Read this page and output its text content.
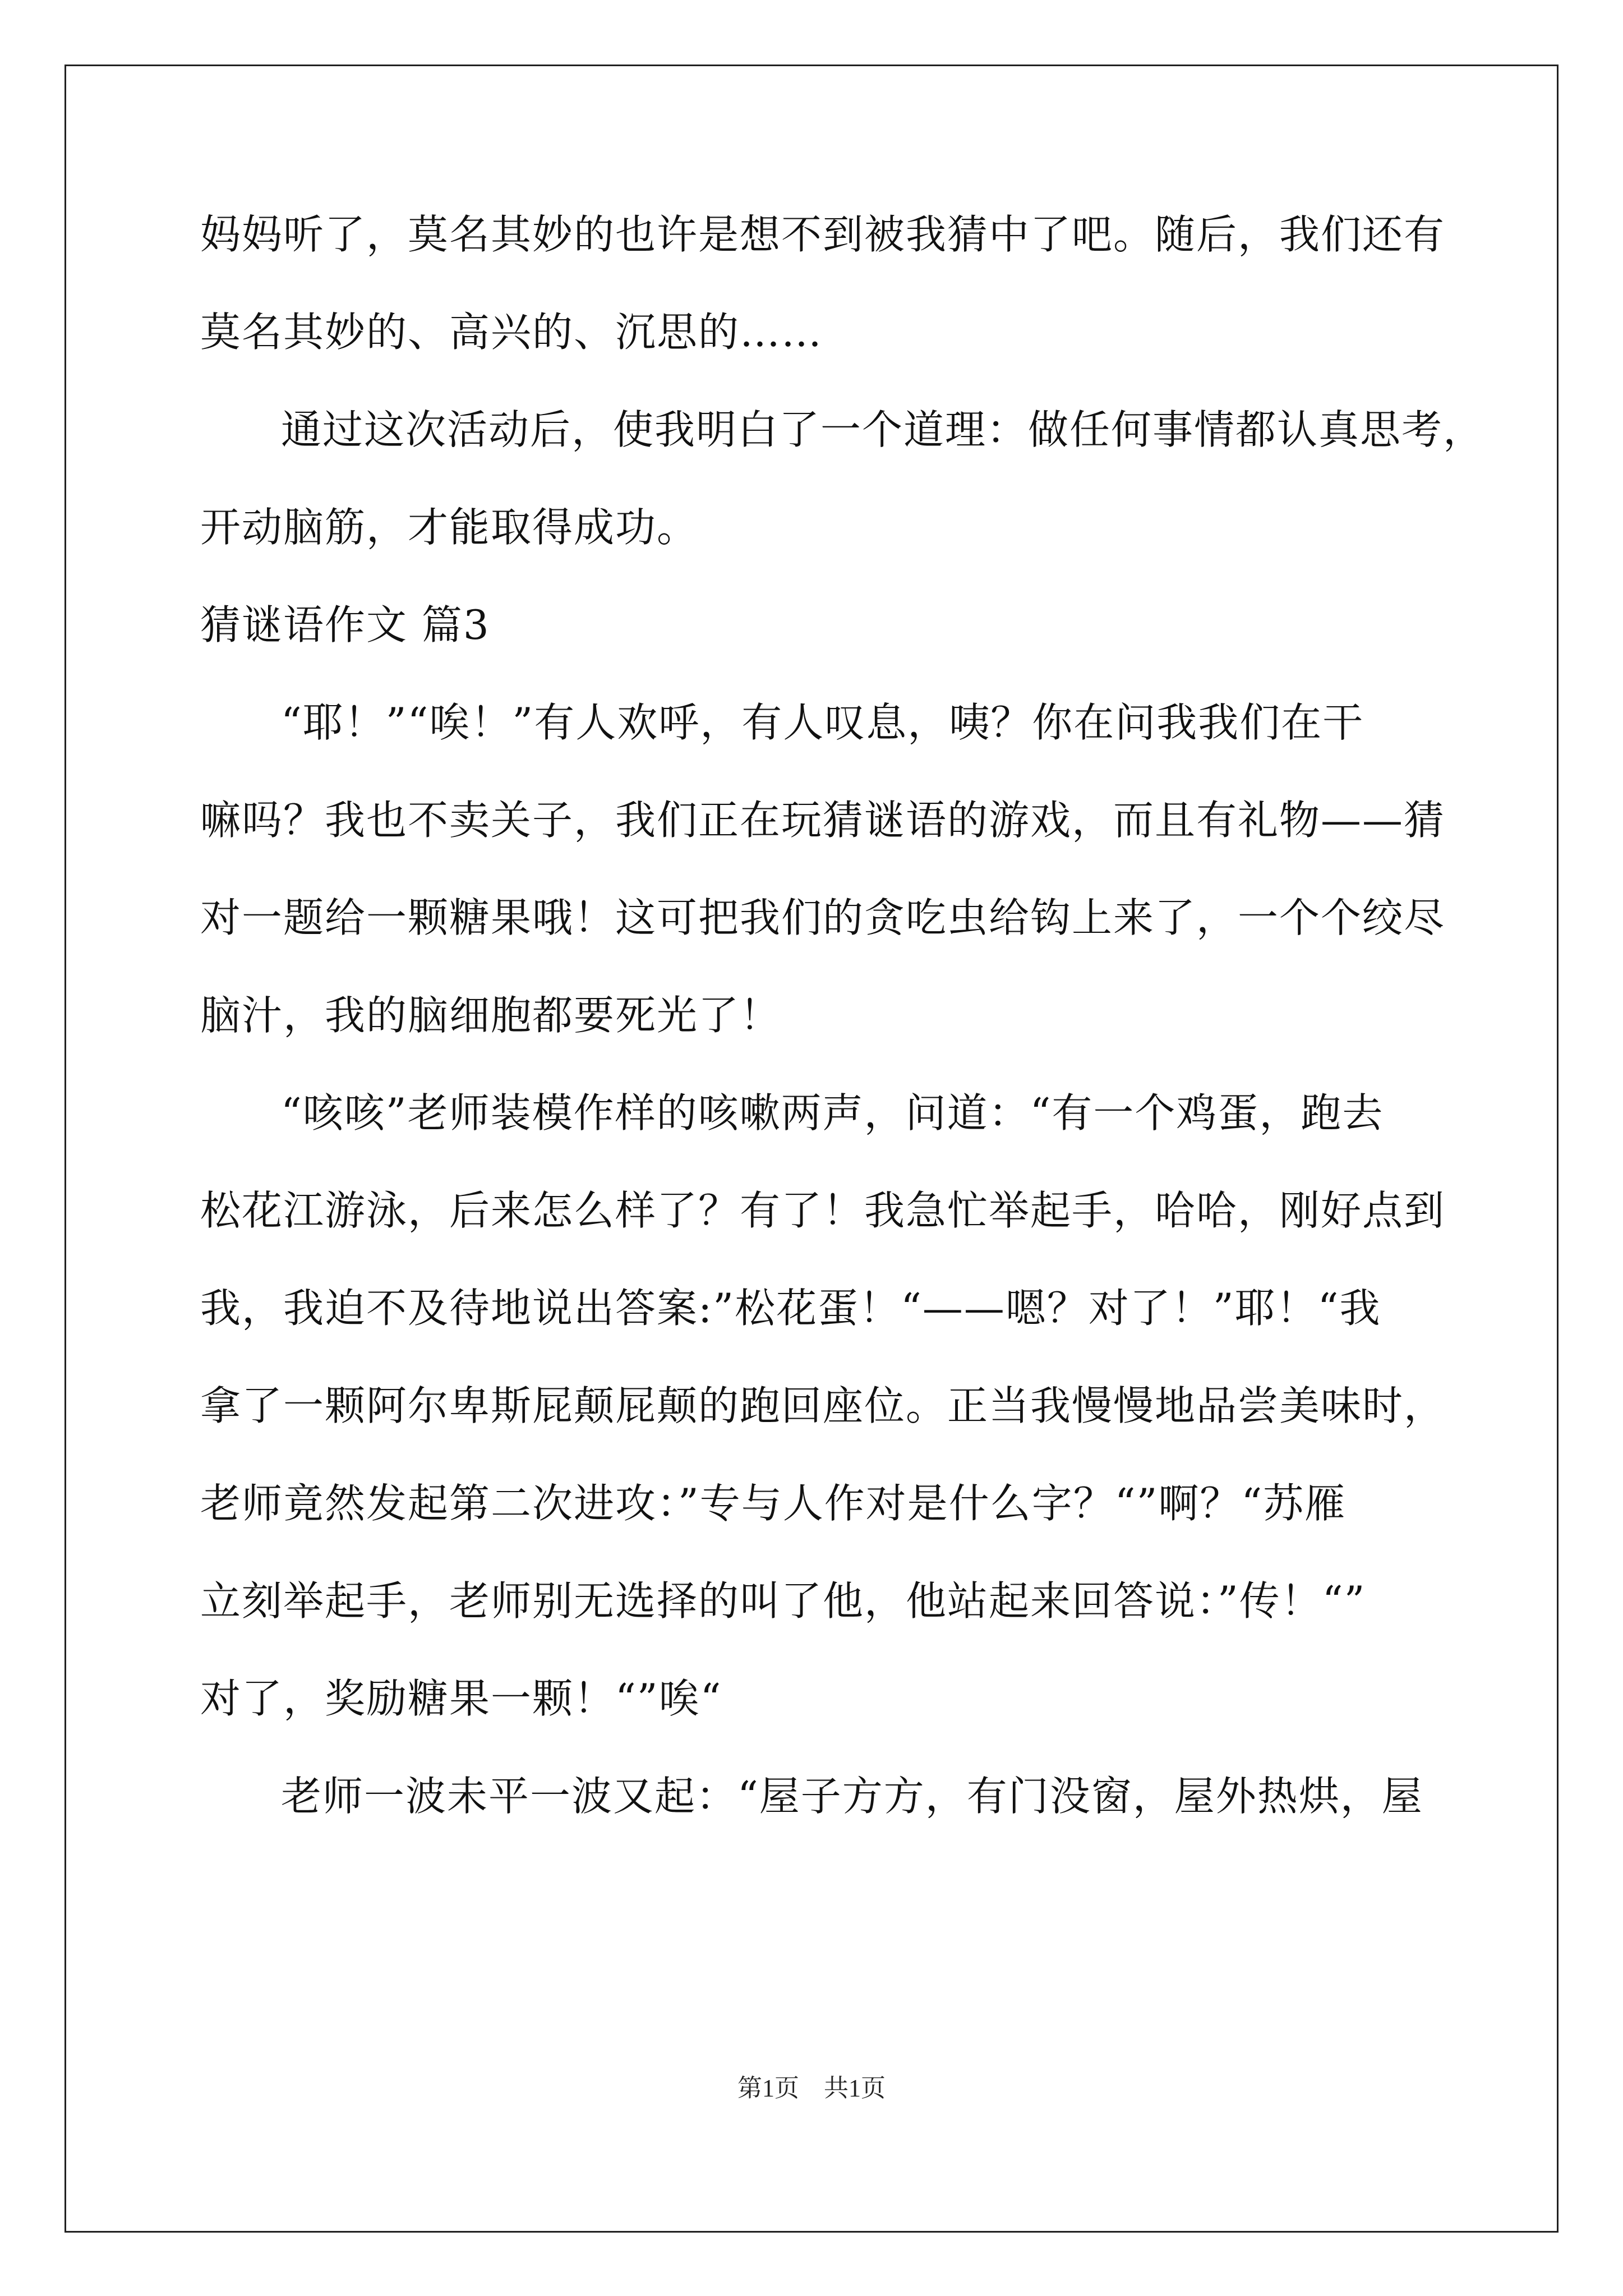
妈妈听了，莫名其妙的也许是想不到被我猜中了吧。随后，我们还有
莫名其妙的、高兴的、沉思的……
通过这次活动后，使我明白了一个道理：做任何事情都认真思考，
开动脑筋，才能取得成功。
猜谜语作文 篇3
“耶！”“唉！”有人欢呼，有人叹息，咦？你在问我我们在干
嘛吗？我也不卖关子，我们正在玩猜谜语的游戏，而且有礼物——猜
对一题给一颗糖果哦！这可把我们的贪吃虫给钩上来了，一个个绞尽
脑汁，我的脑细胞都要死光了！
“咳咳”老师装模作样的咳嗽两声，问道：“有一个鸡蛋，跑去
松花江游泳，后来怎么样了？有了！我急忙举起手，哈哈，刚好点到
我，我迫不及待地说出答案:”松花蛋！“——嗯？对了！”耶！“我
拿了一颗阿尔卑斯屁颠屁颠的跑回座位。正当我慢慢地品尝美味时，
老师竟然发起第二次进攻：”专与人作对是什么字？“”啊？“苏雁
立刻举起手，老师别无选择的叫了他，他站起来回答说：”传！“”
对了，奖励糖果一颗！“”唉“
老师一波未平一波又起：“屋子方方，有门没窗，屋外热烘，屋
第1页　共1页
